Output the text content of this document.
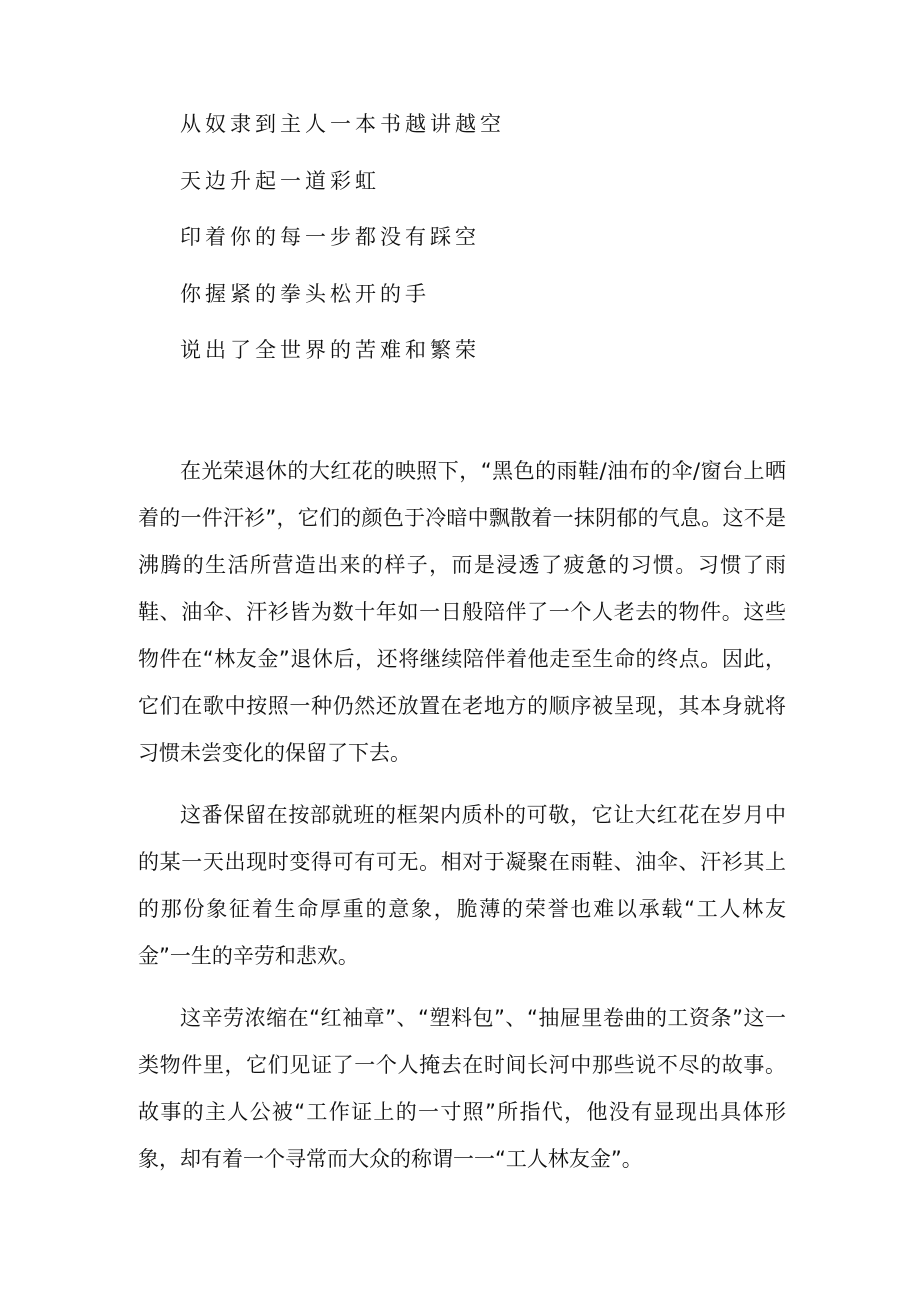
从奴隶到主人一本书越讲越空
天边升起一道彩虹
印着你的每一步都没有踩空
你握紧的拳头松开的手
说出了全世界的苦难和繁荣

在光荣退休的大红花的映照下，“黑色的雨鞋/油布的伞/窗台上晒着的一件汗衫”，它们的颜色于冷暗中飘散着一抹阴郁的气息。这不是沸腾的生活所营造出来的样子，而是浸透了疲惫的习惯。习惯了雨鞋、油伞、汗衫皆为数十年如一日般陪伴了一个人老去的物件。这些物件在“林友金”退休后，还将继续陪伴着他走至生命的终点。因此，它们在歌中按照一种仍然还放置在老地方的顺序被呈现，其本身就将习惯未尝变化的保留了下去。

这番保留在按部就班的框架内质朴的可敬，它让大红花在岁月中的某一天出现时变得可有可无。相对于凝聚在雨鞋、油伞、汗衫其上的那份象征着生命厚重的意象，脆薄的荣誉也难以承载“工人林友金”一生的辛劳和悲欢。

这辛劳浓缩在“红袖章”、“塑料包”、“抽屉里卷曲的工资条”这一类物件里，它们见证了一个人掩去在时间长河中那些说不尽的故事。故事的主人公被“工作证上的一寸照”所指代，他没有显现出具体形象，却有着一个寻常而大众的称谓一一“工人林友金”。
